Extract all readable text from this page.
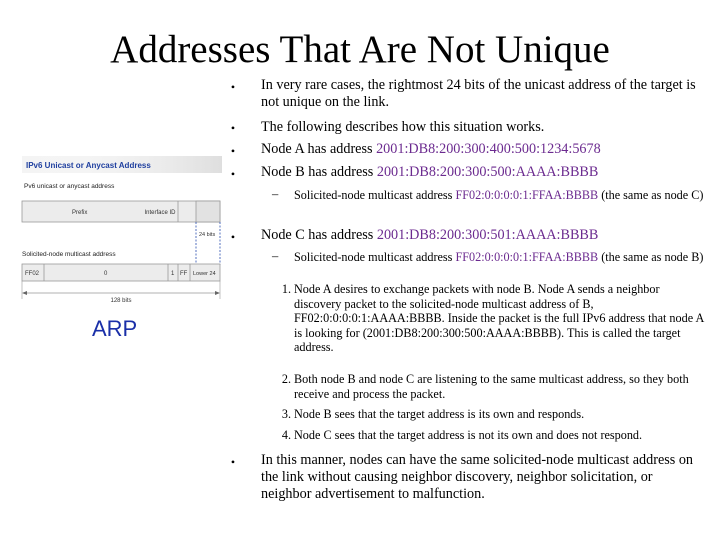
Addresses That Are Not Unique
IPv6 Unicast or Anycast Address
Pv6 unicast or anycast address
Prefix	Interface ID
24 bits
Solicited-node multicast address
FF02	0	1 FF Lower 24
128 bits
ARP
•	In very rare cases, the rightmost 24 bits of the unicast address of the target is not unique on the link.
•	The following describes how this situation works.
•	Node A has address 2001:DB8:200:300:400:500:1234:5678
•	Node B has address 2001:DB8:200:300:500:AAAA:BBBB
– Solicited-node multicast address FF02:0:0:0:0:1:FFAA:BBBB (the same as node C)
•	Node C has address 2001:DB8:200:300:501:AAAA:BBBB
– Solicited-node multicast address FF02:0:0:0:0:1:FFAA:BBBB (the same as node B)
1. Node A desires to exchange packets with node B. Node A sends a neighbor discovery packet to the solicited-node multicast address of B, FF02:0:0:0:0:1:AAAA:BBBB. Inside the packet is the full IPv6 address that node A is looking for (2001:DB8:200:300:500:AAAA:BBBB). This is called the target address.
2. Both node B and node C are listening to the same multicast address, so they both receive and process the packet.
3. Node B sees that the target address is its own and responds.
4. Node C sees that the target address is not its own and does not respond.
•	In this manner, nodes can have the same solicited-node multicast address on the link without causing neighbor discovery, neighbor solicitation, or neighbor advertisement to malfunction.
